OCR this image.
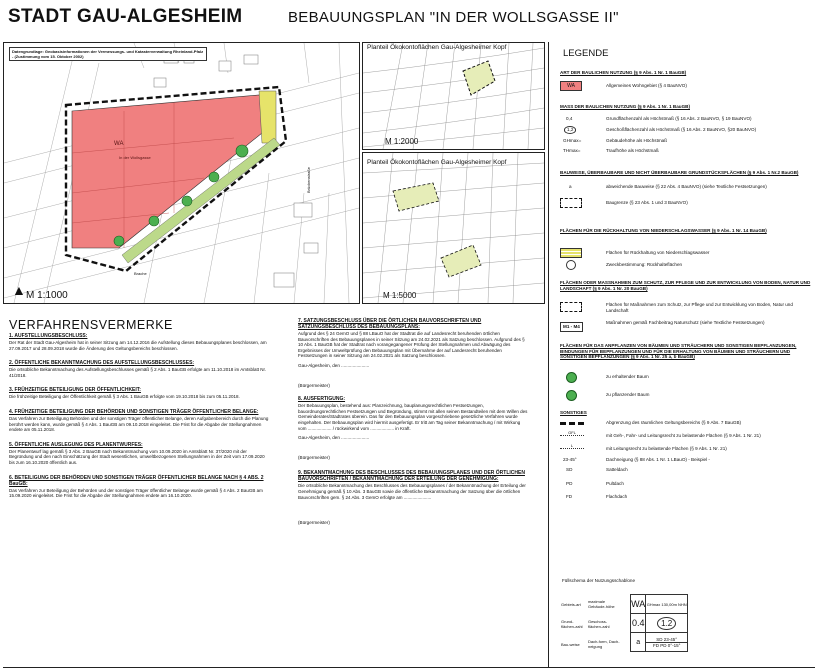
STADT GAU-ALGESHEIM	BEBAUUNGSPLAN "IN DER WOLLSGASSE II"
Datengrundlage: Geobasisinformationen der Vermessungs- und Katasterverwaltung Rheinland-Pfalz - (Zustimmung vom 15. Oktober 2002)
WA
In der Wollsgasse
Brache
Brückenstraße
M 1:1000
▲
Planteil Ökokontoflächen Gau-Algesheimer Kopf
M 1:2000
Planteil Ökokontoflächen Gau-Algesheimer Kopf
M 1:5000
VERFAHRENSVERMERKE
1. AUFSTELLUNGSBESCHLUSS:

Der Rat der Stadt Gau-Algesheim hat in seiner Sitzung am 14.12.2016 die Aufstellung dieses Bebauungsplanes beschlossen, am 27.09.2017 und 28.09.2018 wurde die Änderung des Geltungsbereichs beschlossen.

2. ÖFFENTLICHE BEKANNTMACHUNG DES AUFSTELLUNGSBESCHLUSSES:

Die ortsübliche Bekanntmachung des Aufstellungsbeschlusses gemäß § 2 Abs. 1 BauGB erfolgte am 11.10.2018 im Amtsblatt Nr. 41/2018.

3. FRÜHZEITIGE BETEILIGUNG DER ÖFFENTLICHKEIT:

Die frühzeitige Beteiligung der Öffentlichkeit gemäß § 3 Abs. 1 BauGB erfolgte vom 19.10.2018 bis zum 05.11.2018.

4. FRÜHZEITIGE BETEILIGUNG DER BEHÖRDEN UND SONSTIGEN TRÄGER ÖFFENTLICHER BELANGE:

Das Verfahren zur Beteiligung Behörden und der sonstigen Träger öffentlicher Belange, deren Aufgabenbereich durch die Planung berührt werden kann, wurde gemäß § 4 Abs. 1 BauGB am 09.10.2018 eingeleitet. Die Frist für die Abgabe der Stellungnahmen endete am 05.11.2018.

5. ÖFFENTLICHE AUSLEGUNG DES PLANENTWURFES:

Der Planentwurf lag gemäß § 3 Abs. 2 BauGB nach Bekanntmachung vom 10.09.2020 im Amtsblatt Nr. 37/2020 mit der Begründung und den nach Einschätzung der Stadt wesentlichen, umweltbezogenen Stellungnahmen in der Zeit vom 17.09.2020 bis zum 16.10.2020 öffentlich aus.

6. BETEILIGUNG DER BEHÖRDEN UND SONSTIGEN TRÄGER ÖFFENTLICHER BELANGE NACH § 4 ABS. 2 BauGB:

Das Verfahren zur Beteiligung der Behörden und der sonstigen Träger öffentlicher Belange wurde gemäß § 4 Abs. 2 BauGB am 15.09.2020 eingeleitet. Die Frist für die Abgabe der Stellungnahmen endete am 16.10.2020.

7. SATZUNGSBESCHLUSS ÜBER DIE ÖRTLICHEN BAUVORSCHRIFTEN UND SATZUNGSBESCHLUSS DES BEBAUUNGSPLANS:

Aufgrund des § 24 GemO und § 88 LBauO hat der Stadtrat die auf Landesrecht beruhenden örtlichen Bauvorschriften des Bebauungsplanes in seiner Sitzung am 24.02.2021 als Satzung beschlossen. Aufgrund des § 10 Abs. 1 BauGB hat der Stadtrat nach vorangegangener Prüfung der Stellungnahmen und Abwägung des Ergebnisses der Umweltprüfung den Bebauungsplan mit Übernahme der auf Landesrecht beruhenden Festsetzungen in seiner Sitzung am 24.02.2021 als Satzung beschlossen.

Gau-Algesheim, den ......................
(Bürgermeister)
8. AUSFERTIGUNG:

Der Bebauungsplan, bestehend aus: Planzeichnung, bauplanungsrechtlichen Festsetzungen, bauordnungsrechtlichen Festsetzungen und Begründung, stimmt mit allen seinen Bestandteilen mit dem Willen des Gemeinderates/Stadtrates überein. Das für den Bebauungsplan vorgeschriebene gesetzliche Verfahren wurde eingehalten. Der Bebauungsplan wird hiermit ausgefertigt. Er tritt am Tag seiner Bekanntmachung / mit Wirkung vom ................... / rückwirkend vom ................... in Kraft.

Gau-Algesheim, den ......................
(Bürgermeister)
9. BEKANNTMACHUNG DES BESCHLUSSES DES BEBAUUNGSPLANES UND DER ÖRTLICHEN BAUVORSCHRIFTEN / BEKANNTMACHUNG DER ERTEILUNG DER GENEHMIGUNG:

Die ortsübliche Bekanntmachung des Beschlusses des Bebauungsplanes / der Bekanntmachung der Erteilung der Genehmigung gemäß § 10 Abs. 3 BauGB sowie die öffentliche Bekanntmachung der Satzung über die örtlichen Bauvorschriften gem. § 24 Abs. 3 GemO erfolgte am ......................

(Bürgermeister)
LEGENDE
ART DER BAULICHEN NUTZUNG (§ 9 Abs. 1 Nr. 1 BauGB)
WA	Allgemeines Wohngebiet (§ 4 BauNVO)
MASS DER BAULICHEN NUTZUNG (§ 9 Abs. 1 Nr. 1 BauGB)
0,4	Grundflächenzahl als Höchstmaß (§ 16 Abs. 2 BauNVO, § 19 BauNVO)
1,2	Geschoßflächenzahl als Höchstmaß (§ 16 Abs. 2 BauNVO, §20 BauNVO)
GHmax=	Gebäudehöhe als Höchstmaß
THmax=	Traufhöhe als Höchstmaß
BAUWEISE, ÜBERBAUBARE UND NICHT ÜBERBAUBARE GRUNDSTÜCKSFLÄCHEN (§ 9 Abs. 1 Nr.2 BauGB)
a	abweichende Bauweise (§ 22 Abs. 4 BauNVO) (siehe Textliche Festsetzungen)
Baugrenze (§ 23 Abs. 1 und 3 BauNVO)
FLÄCHEN FÜR DIE RÜCKHALTUNG VON NIEDERSCHLAGSWASSER (§ 9 Abs. 1 Nr. 14 BauGB)
Flächen für Rückhaltung von Niederschlagswasser
Zweckbestimmung: Rückhalteflächen
FLÄCHEN ODER MASSNAHMEN ZUM SCHUTZ, ZUR PFLEGE UND ZUR ENTWICKLUNG VON BODEN, NATUR UND LANDSCHAFT (§ 9 Abs. 1 Nr. 20 BauGB)
Flächen für Maßnahmen zum Schutz, zur Pflege und zur Entwicklung von Boden, Natur und Landschaft
M1 - M4
Maßnahmen gemäß Fachbeitrag Naturschutz (siehe Textliche Festsetzungen)
FLÄCHEN FÜR DAS ANPFLANZEN VON BÄUMEN UND STRÄUCHERN UND SONSTIGEN BEPFLANZUNGEN, BINDUNGEN FÜR BEPFLANZUNGEN UND FÜR DIE ERHALTUNG VON BÄUMEN UND STRÄUCHERN UND SONSTIGEN BEPFLANZUNGEN (§ 9 Abs. 1 Nr. 25 a, b BauGB)
zu erhaltender Baum
zu pflanzender Baum
SONSTIGES
Abgrenzung des räumlichen Geltungsbereichs (§ 9 Abs. 7 BauGB)
GFL
mit Geh-, Fahr- und Leitungsrecht zu belastende Flächen (§ 9 Abs. 1 Nr. 21)
L
mit Leitungsrecht zu belastende Flächen (§ 9 Abs. 1 Nr. 21)
23-45°	Dachneigung (§ 88 Abs. 1 Nr. 1 LBauO) - Beispiel -
SD	Satteldach
PD	Pultdach
FD	Flachdach
Füllschema der Nutzungsschablone
Gebiets-art	maximale Gebäude-höhe
Grund-flächen-zahl	Geschoss-flächen-zahl
Bau-weise	Dach-form, Dach-neigung
WA	GHmax 130,00m NHN
0.4	1.2
a	SD 23-45°
FD PD 0°-15°
